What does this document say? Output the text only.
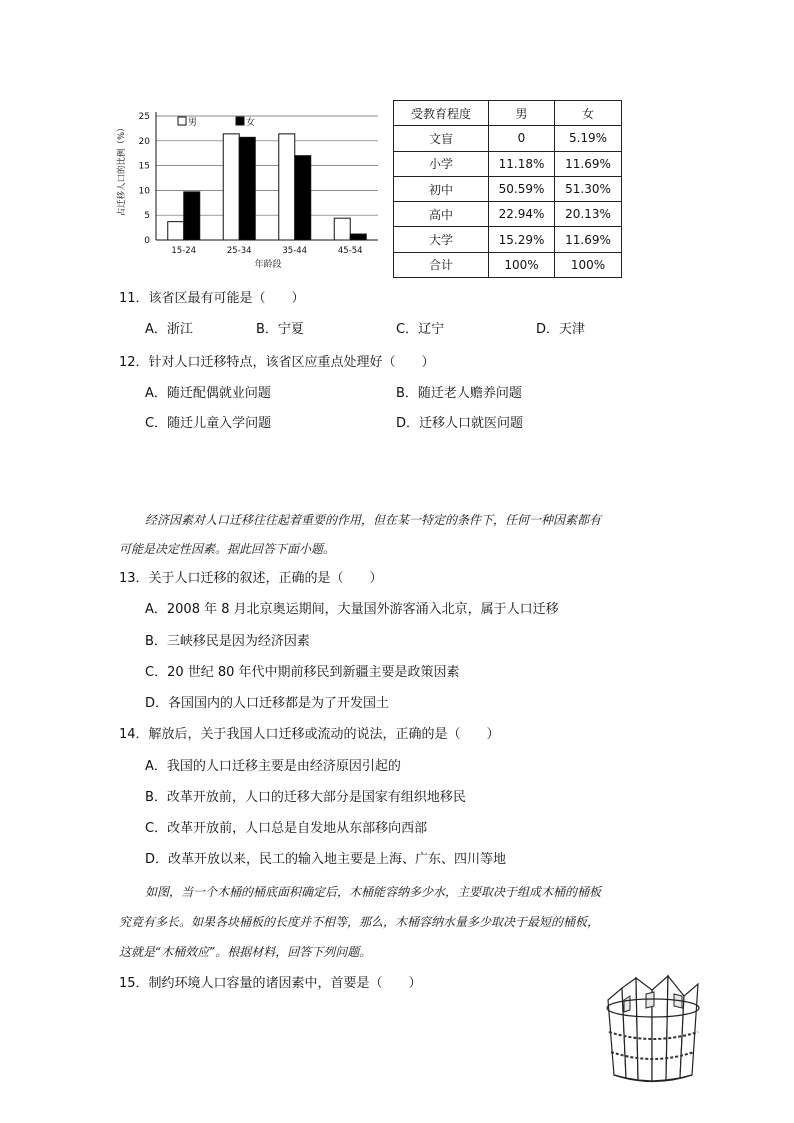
0
5
10
15
20
25
15-24	25-34	35-44	45-54
男	女
占迁移人口的比例（%）
年龄段
受教育程度	男	女
文盲	0	5.19%
小学	11.18%	11.69%
初中	50.59%	51.30%
高中	22.94%	20.13%
大学	15.29%	11.69%
合计	100%	100%
11．该省区最有可能是（　　）
A．浙江	B．宁夏	C．辽宁	D．天津
12．针对人口迁移特点，该省区应重点处理好（　　）
A．随迁配偶就业问题	B．随迁老人赡养问题
C．随迁儿童入学问题	D．迁移人口就医问题
经济因素对人口迁移往往起着重要的作用，但在某一特定的条件下，任何一种因素都有
可能是决定性因素。据此回答下面小题。
13．关于人口迁移的叙述，正确的是（　　）
A．2008 年 8 月北京奥运期间，大量国外游客涌入北京，属于人口迁移
B．三峡移民是因为经济因素
C．20 世纪 80 年代中期前移民到新疆主要是政策因素
D．各国国内的人口迁移都是为了开发国土
14．解放后，关于我国人口迁移或流动的说法，正确的是（　　）
A．我国的人口迁移主要是由经济原因引起的
B．改革开放前，人口的迁移大部分是国家有组织地移民
C．改革开放前，人口总是自发地从东部移向西部
D．改革开放以来，民工的输入地主要是上海、广东、四川等地
如图，当一个木桶的桶底面积确定后，木桶能容纳多少水，主要取决于组成木桶的桶板
究竟有多长。如果各块桶板的长度并不相等，那么，木桶容纳水量多少取决于最短的桶板，
这就是“木桶效应”。根据材料，回答下列问题。
15．制约环境人口容量的诸因素中，首要是（　　）
